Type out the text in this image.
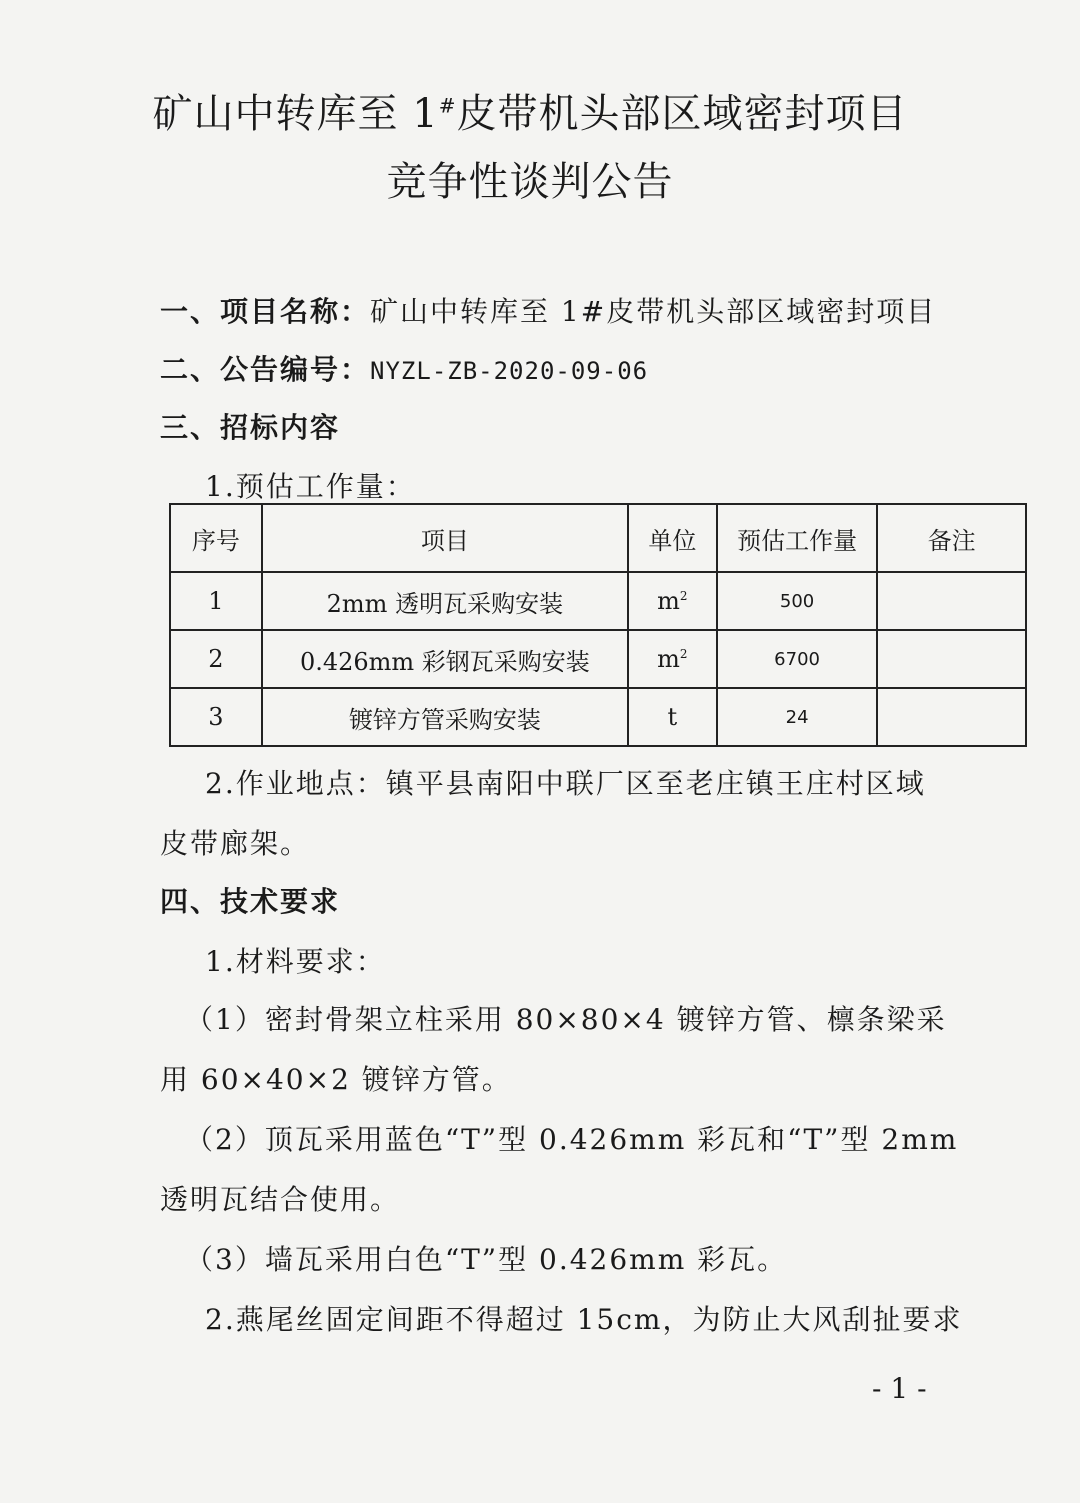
矿山中转库至 1#皮带机头部区域密封项目
竞争性谈判公告
一、项目名称：矿山中转库至 1#皮带机头部区域密封项目
二、公告编号：NYZL-ZB-2020-09-06
三、招标内容
1.预估工作量：
序号	项目	单位	预估工作量	备注
1	2mm 透明瓦采购安装	$m^2$	500	
2	0.426mm 彩钢瓦采购安装	$m^2$	6700	
3	镀锌方管采购安装	t	24	
2.作业地点：镇平县南阳中联厂区至老庄镇王庄村区域
皮带廊架。
四、技术要求
1.材料要求：
（1）密封骨架立柱采用 80×80×4 镀锌方管、檩条梁采
用 60×40×2 镀锌方管。
（2）顶瓦采用蓝色“T”型 0.426mm 彩瓦和“T”型 2mm
透明瓦结合使用。
（3）墙瓦采用白色“T”型 0.426mm 彩瓦。
2.燕尾丝固定间距不得超过 15cm，为防止大风刮扯要求
- 1 -
